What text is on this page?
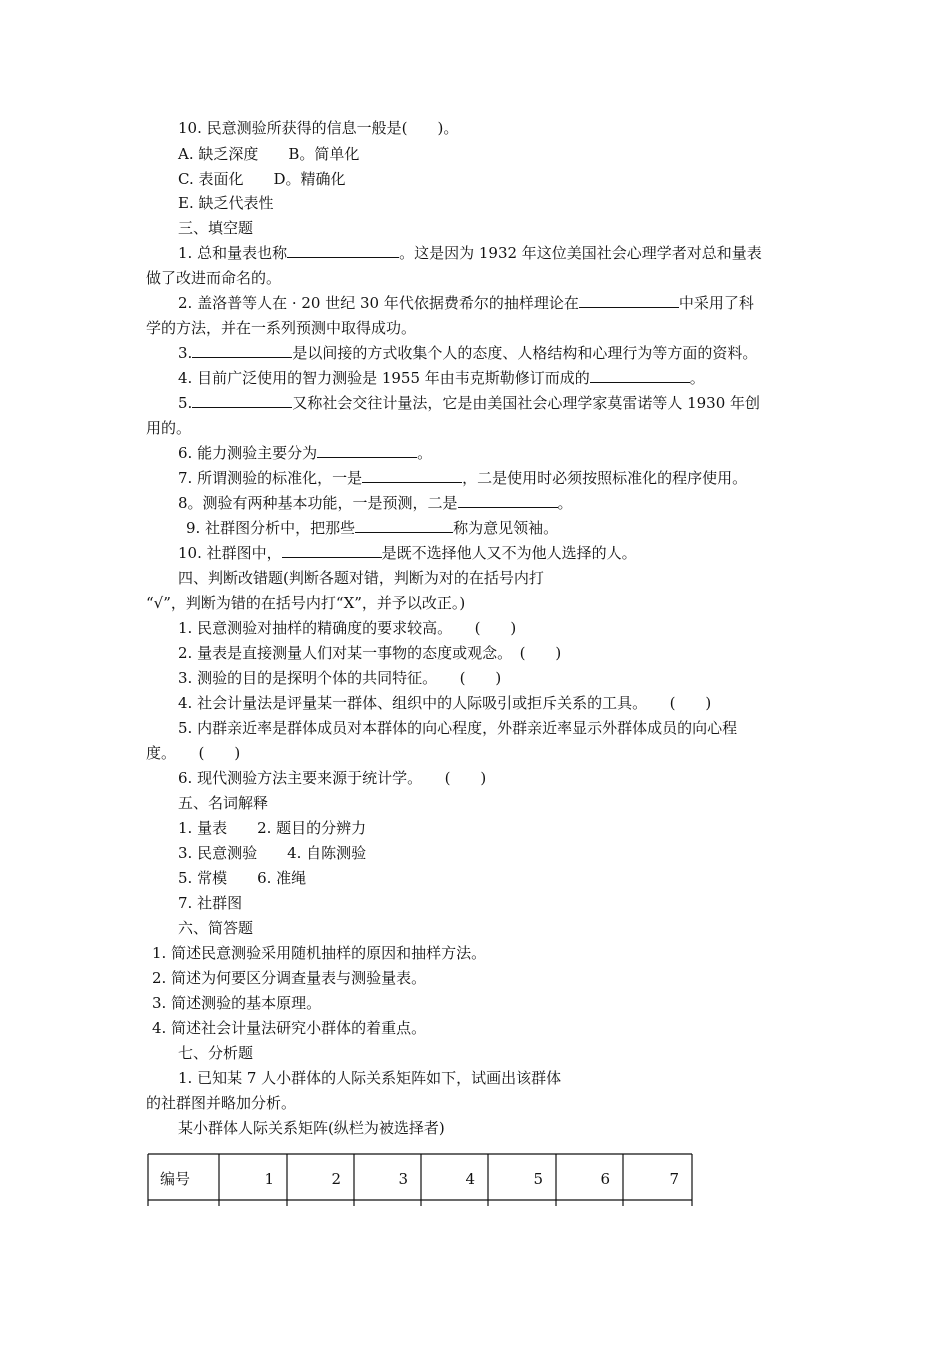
10. 民意测验所获得的信息一般是(　　)。
A. 缺乏深度　　B。简单化
C. 表面化　　D。精确化
E. 缺乏代表性
三、填空题
1. 总和量表也称	。这是因为 1932 年这位美国社会心理学者对总和量表
做了改进而命名的。
2. 盖洛普等人在 · 20 世纪 30 年代依据费希尔的抽样理论在	中采用了科
学的方法，并在一系列预测中取得成功。
3.	是以间接的方式收集个人的态度、人格结构和心理行为等方面的资料。
4. 目前广泛使用的智力测验是 1955 年由韦克斯勒修订而成的	。
5.	又称社会交往计量法，它是由美国社会心理学家莫雷诺等人 1930 年创
用的。
6. 能力测验主要分为	。
7. 所谓测验的标准化，一是	，二是使用时必须按照标准化的程序使用。
8。测验有两种基本功能，一是预测，二是	。
9. 社群图分析中，把那些	称为意见领袖。
10. 社群图中，	是既不选择他人又不为他人选择的人。
四、判断改错题(判断各题对错，判断为对的在括号内打
“√”，判断为错的在括号内打“X”，并予以改正。)
1. 民意测验对抽样的精确度的要求较高。　　(　　)
2. 量表是直接测量人们对某一事物的态度或观念。　(　　)
3. 测验的目的是探明个体的共同特征。　　(　　)
4. 社会计量法是评量某一群体、组织中的人际吸引或拒斥关系的工具。　　(　　)
5. 内群亲近率是群体成员对本群体的向心程度，外群亲近率显示外群体成员的向心程
度。　　(　　)
6. 现代测验方法主要来源于统计学。　　(　　)
五、名词解释
1. 量表　　2. 题目的分辨力
3. 民意测验　　4. 自陈测验
5. 常模　　6. 准绳
7. 社群图
六、简答题
1. 简述民意测验采用随机抽样的原因和抽样方法。
2. 简述为何要区分调查量表与测验量表。
3. 简述测验的基本原理。
4. 简述社会计量法研究小群体的着重点。
七、分析题
1. 已知某 7 人小群体的人际关系矩阵如下，试画出该群体
的社群图并略加分析。
某小群体人际关系矩阵(纵栏为被选择者)
编号	1	2	3	4	5	6	7
